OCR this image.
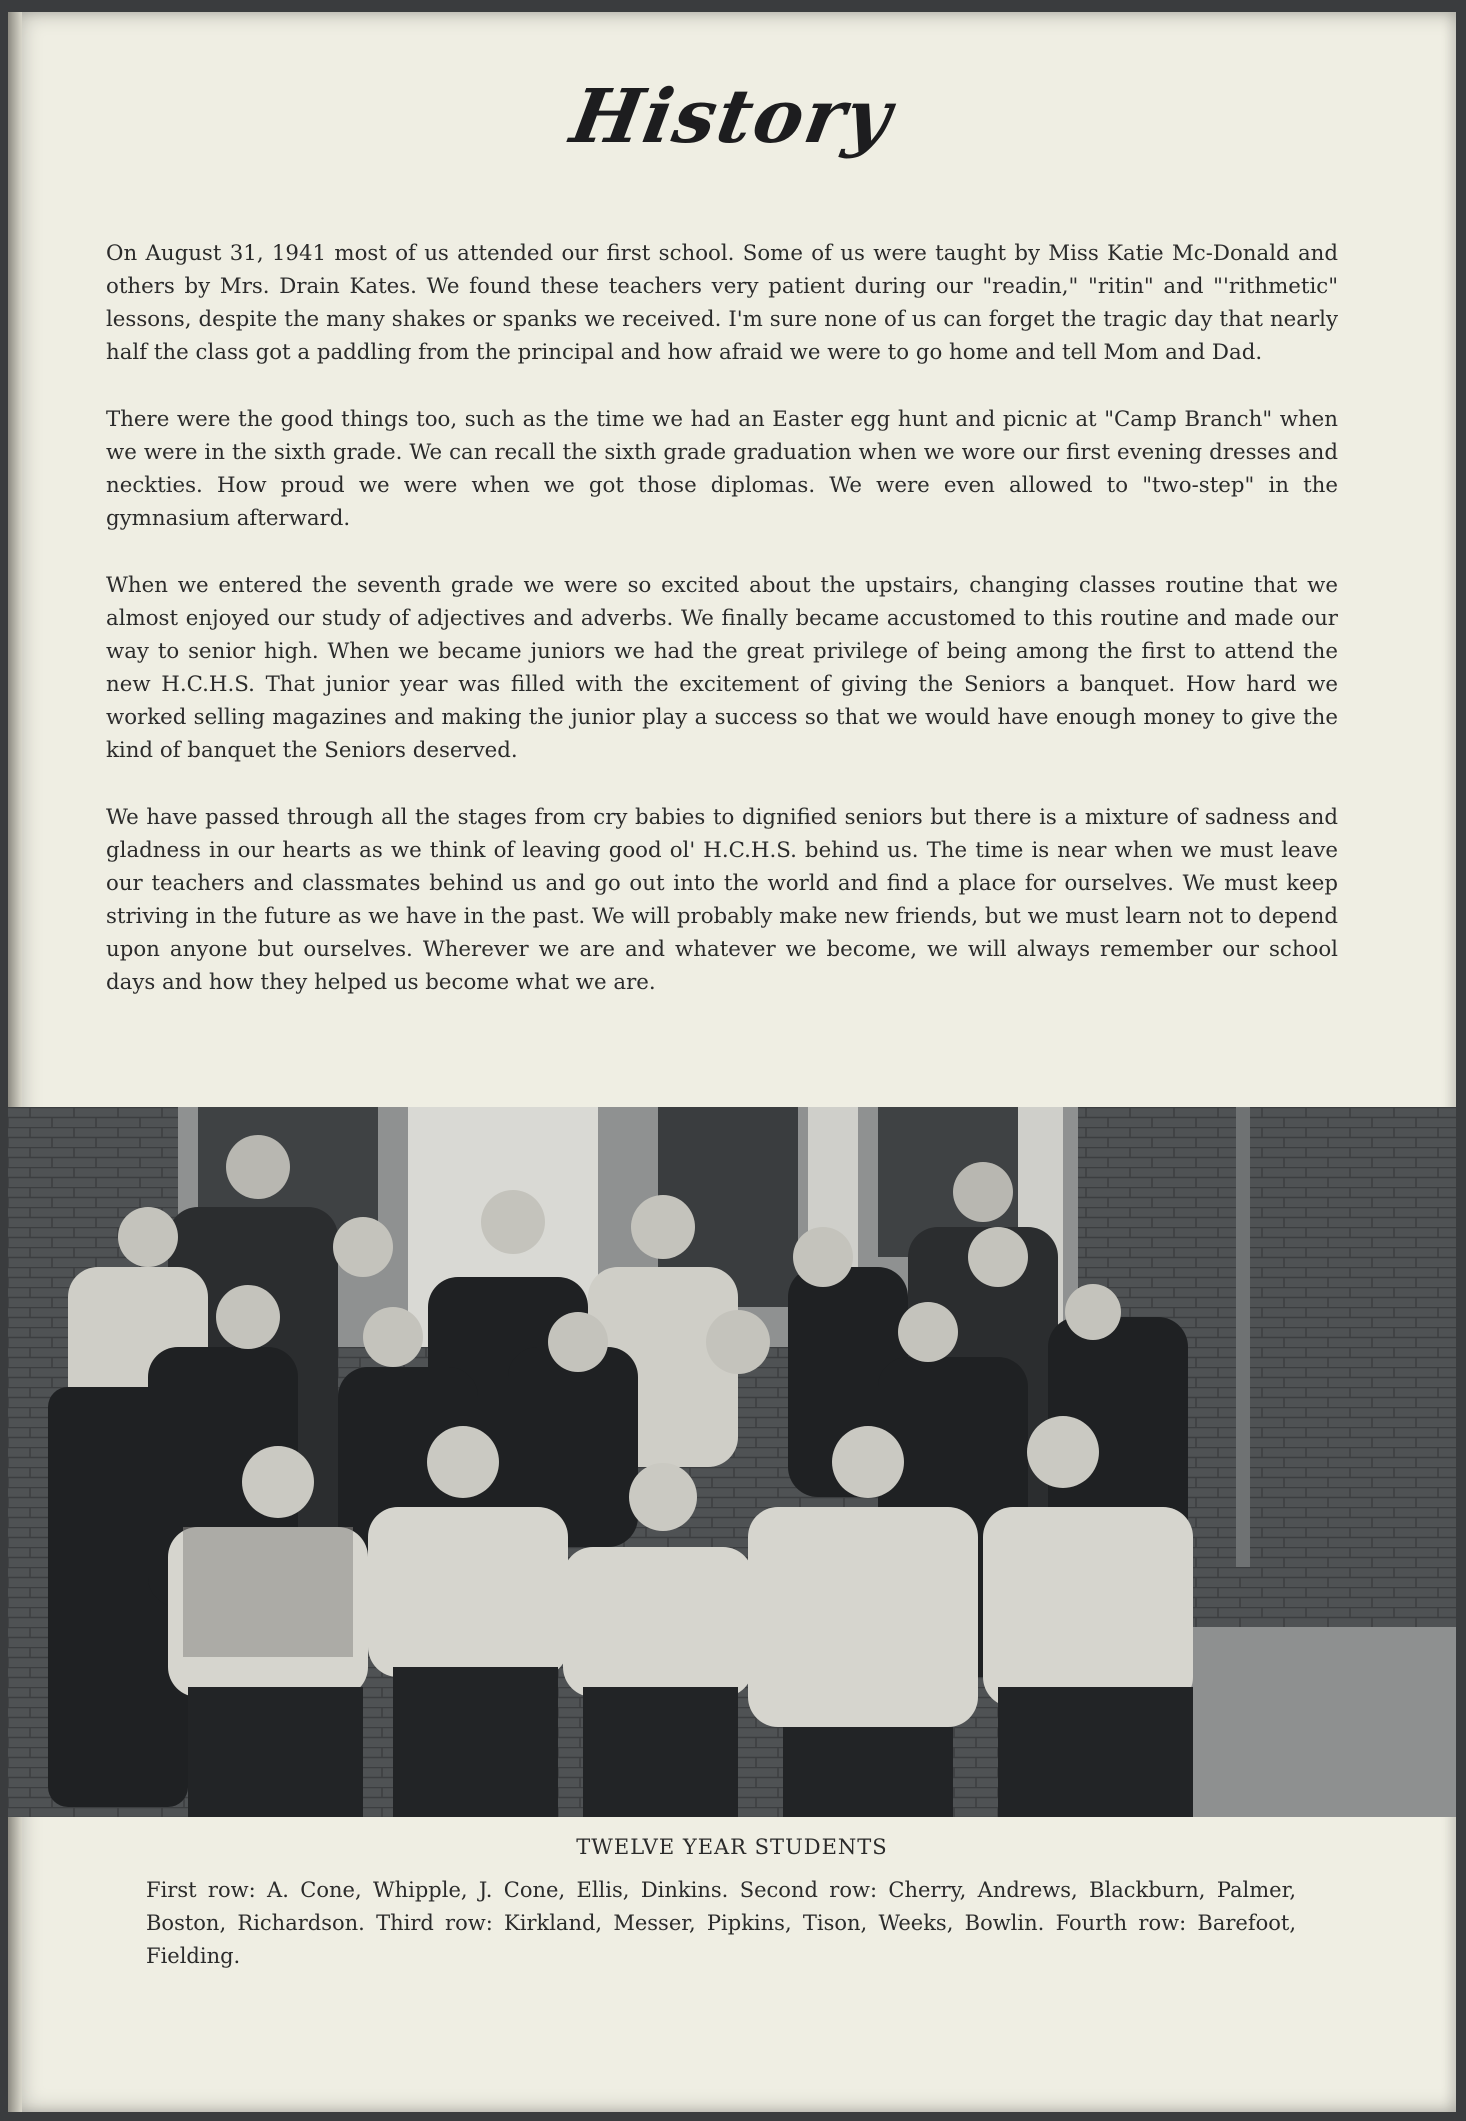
History

On August 31, 1941 most of us attended our first school. Some of us were taught by Miss Katie Mc-Donald and others by Mrs. Drain Kates. We found these teachers very patient during our "readin," "ritin" and "'rithmetic" lessons, despite the many shakes or spanks we received. I'm sure none of us can forget the tragic day that nearly half the class got a paddling from the principal and how afraid we were to go home and tell Mom and Dad.

There were the good things too, such as the time we had an Easter egg hunt and picnic at "Camp Branch" when we were in the sixth grade. We can recall the sixth grade graduation when we wore our first evening dresses and neckties. How proud we were when we got those diplomas. We were even allowed to "two-step" in the gymnasium afterward.

When we entered the seventh grade we were so excited about the upstairs, changing classes routine that we almost enjoyed our study of adjectives and adverbs. We finally became accustomed to this routine and made our way to senior high. When we became juniors we had the great privilege of being among the first to attend the new H.C.H.S. That junior year was filled with the excitement of giving the Seniors a banquet. How hard we worked selling magazines and making the junior play a success so that we would have enough money to give the kind of banquet the Seniors deserved.

We have passed through all the stages from cry babies to dignified seniors but there is a mixture of sadness and gladness in our hearts as we think of leaving good ol' H.C.H.S. behind us. The time is near when we must leave our teachers and classmates behind us and go out into the world and find a place for ourselves. We must keep striving in the future as we have in the past. We will probably make new friends, but we must learn not to depend upon anyone but ourselves. Wherever we are and whatever we become, we will always remember our school days and how they helped us become what we are.

TWELVE YEAR STUDENTS
First row: A. Cone, Whipple, J. Cone, Ellis, Dinkins. Second row: Cherry, Andrews, Blackburn, Palmer, Boston, Richardson. Third row: Kirkland, Messer, Pipkins, Tison, Weeks, Bowlin. Fourth row: Barefoot, Fielding.
